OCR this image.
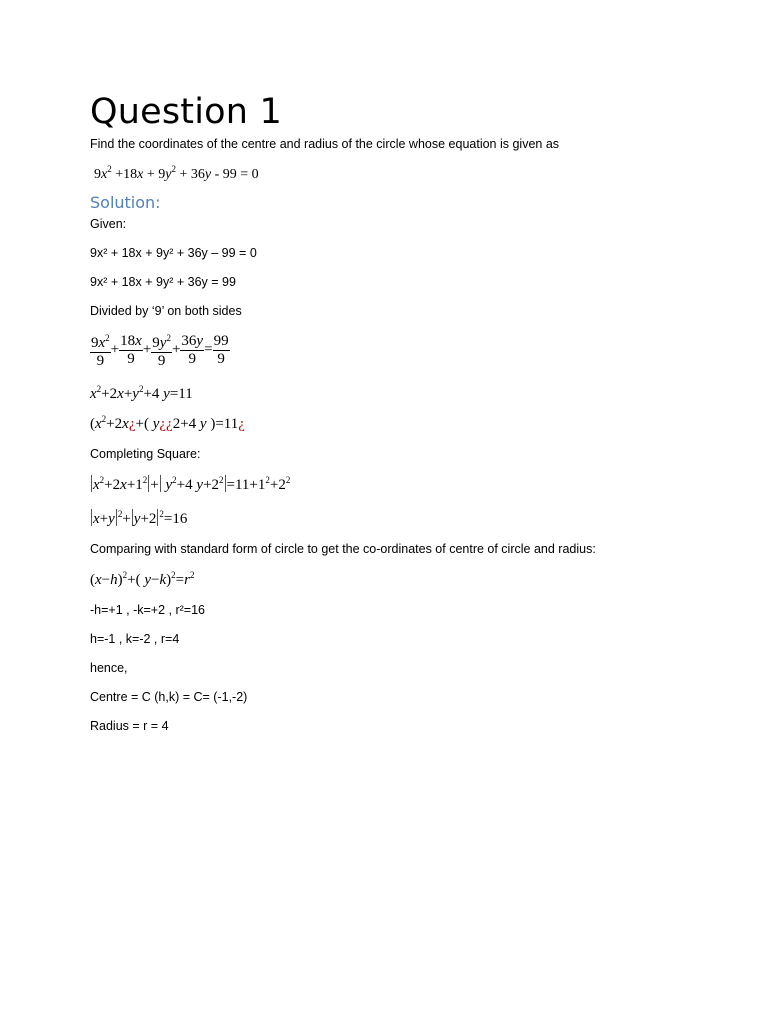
Question 1
Find the coordinates of the centre and radius of the circle whose equation is given as
$9x^2 +18x + 9y^2 + 36y - 99 = 0$
Solution:
Given:
9x² + 18x + 9y² + 36y – 99 = 0
9x² + 18x + 9y² + 36y = 99
Divided by ‘9’ on both sides
$\frac{9x^2}{9} + \frac{18x}{9} + \frac{9y^2}{9} + \frac{36y}{9} = \frac{99}{9}$
$x^2+2x+y^2+4$ y=11
($x^2+2x¿+$( y¿¿2+4 y )=11¿
Completing Square:
$x^2+2x+1^2 + y^2+4$ $y+2^2 =11+1^2+2^2$
x+y $^2$+ y+2 $^2$=16
Comparing with standard form of circle to get the co-ordinates of centre of circle and radius:
$(x-h)^2+$( $y-k)^2=r^2$
-h=+1 , -k=+2 , r²=16
h=-1 , k=-2 , r=4
hence,
Centre = C (h,k) = C= (-1,-2)
Radius = r = 4
